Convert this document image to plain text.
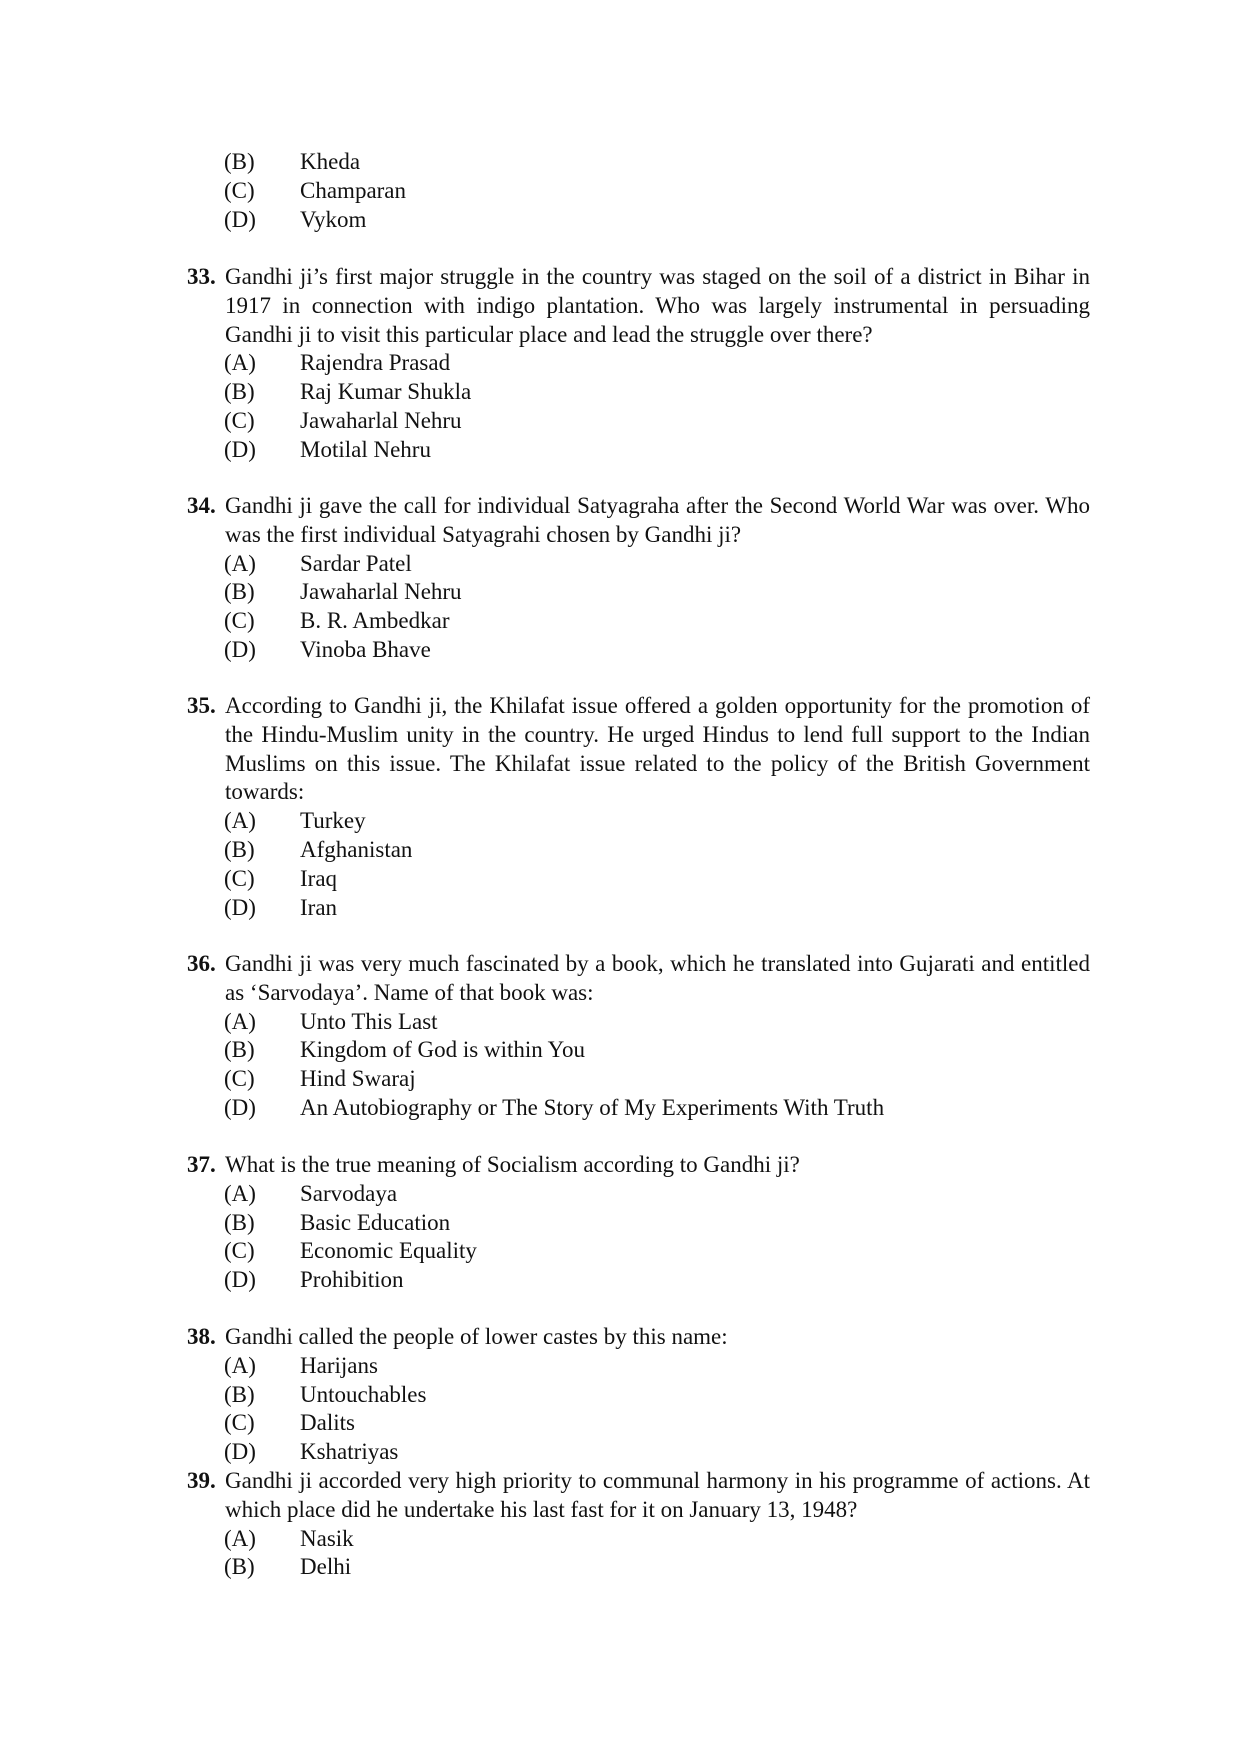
(B) Kheda
(C) Champaran
(D) Vykom
33. Gandhi ji’s first major struggle in the country was staged on the soil of a district in Bihar in 1917 in connection with indigo plantation. Who was largely instrumental in persuading Gandhi ji to visit this particular place and lead the struggle over there?
(A) Rajendra Prasad
(B) Raj Kumar Shukla
(C) Jawaharlal Nehru
(D) Motilal Nehru
34. Gandhi ji gave the call for individual Satyagraha after the Second World War was over. Who was the first individual Satyagrahi chosen by Gandhi ji?
(A) Sardar Patel
(B) Jawaharlal Nehru
(C) B. R. Ambedkar
(D) Vinoba Bhave
35. According to Gandhi ji, the Khilafat issue offered a golden opportunity for the promotion of the Hindu-Muslim unity in the country. He urged Hindus to lend full support to the Indian Muslims on this issue. The Khilafat issue related to the policy of the British Government towards:
(A) Turkey
(B) Afghanistan
(C) Iraq
(D) Iran
36. Gandhi ji was very much fascinated by a book, which he translated into Gujarati and entitled as ‘Sarvodaya’. Name of that book was:
(A) Unto This Last
(B) Kingdom of God is within You
(C) Hind Swaraj
(D) An Autobiography or The Story of My Experiments With Truth
37. What is the true meaning of Socialism according to Gandhi ji?
(A) Sarvodaya
(B) Basic Education
(C) Economic Equality
(D) Prohibition
38. Gandhi called the people of lower castes by this name:
(A) Harijans
(B) Untouchables
(C) Dalits
(D) Kshatriyas
39. Gandhi ji accorded very high priority to communal harmony in his programme of actions. At which place did he undertake his last fast for it on January 13, 1948?
(A) Nasik
(B) Delhi
